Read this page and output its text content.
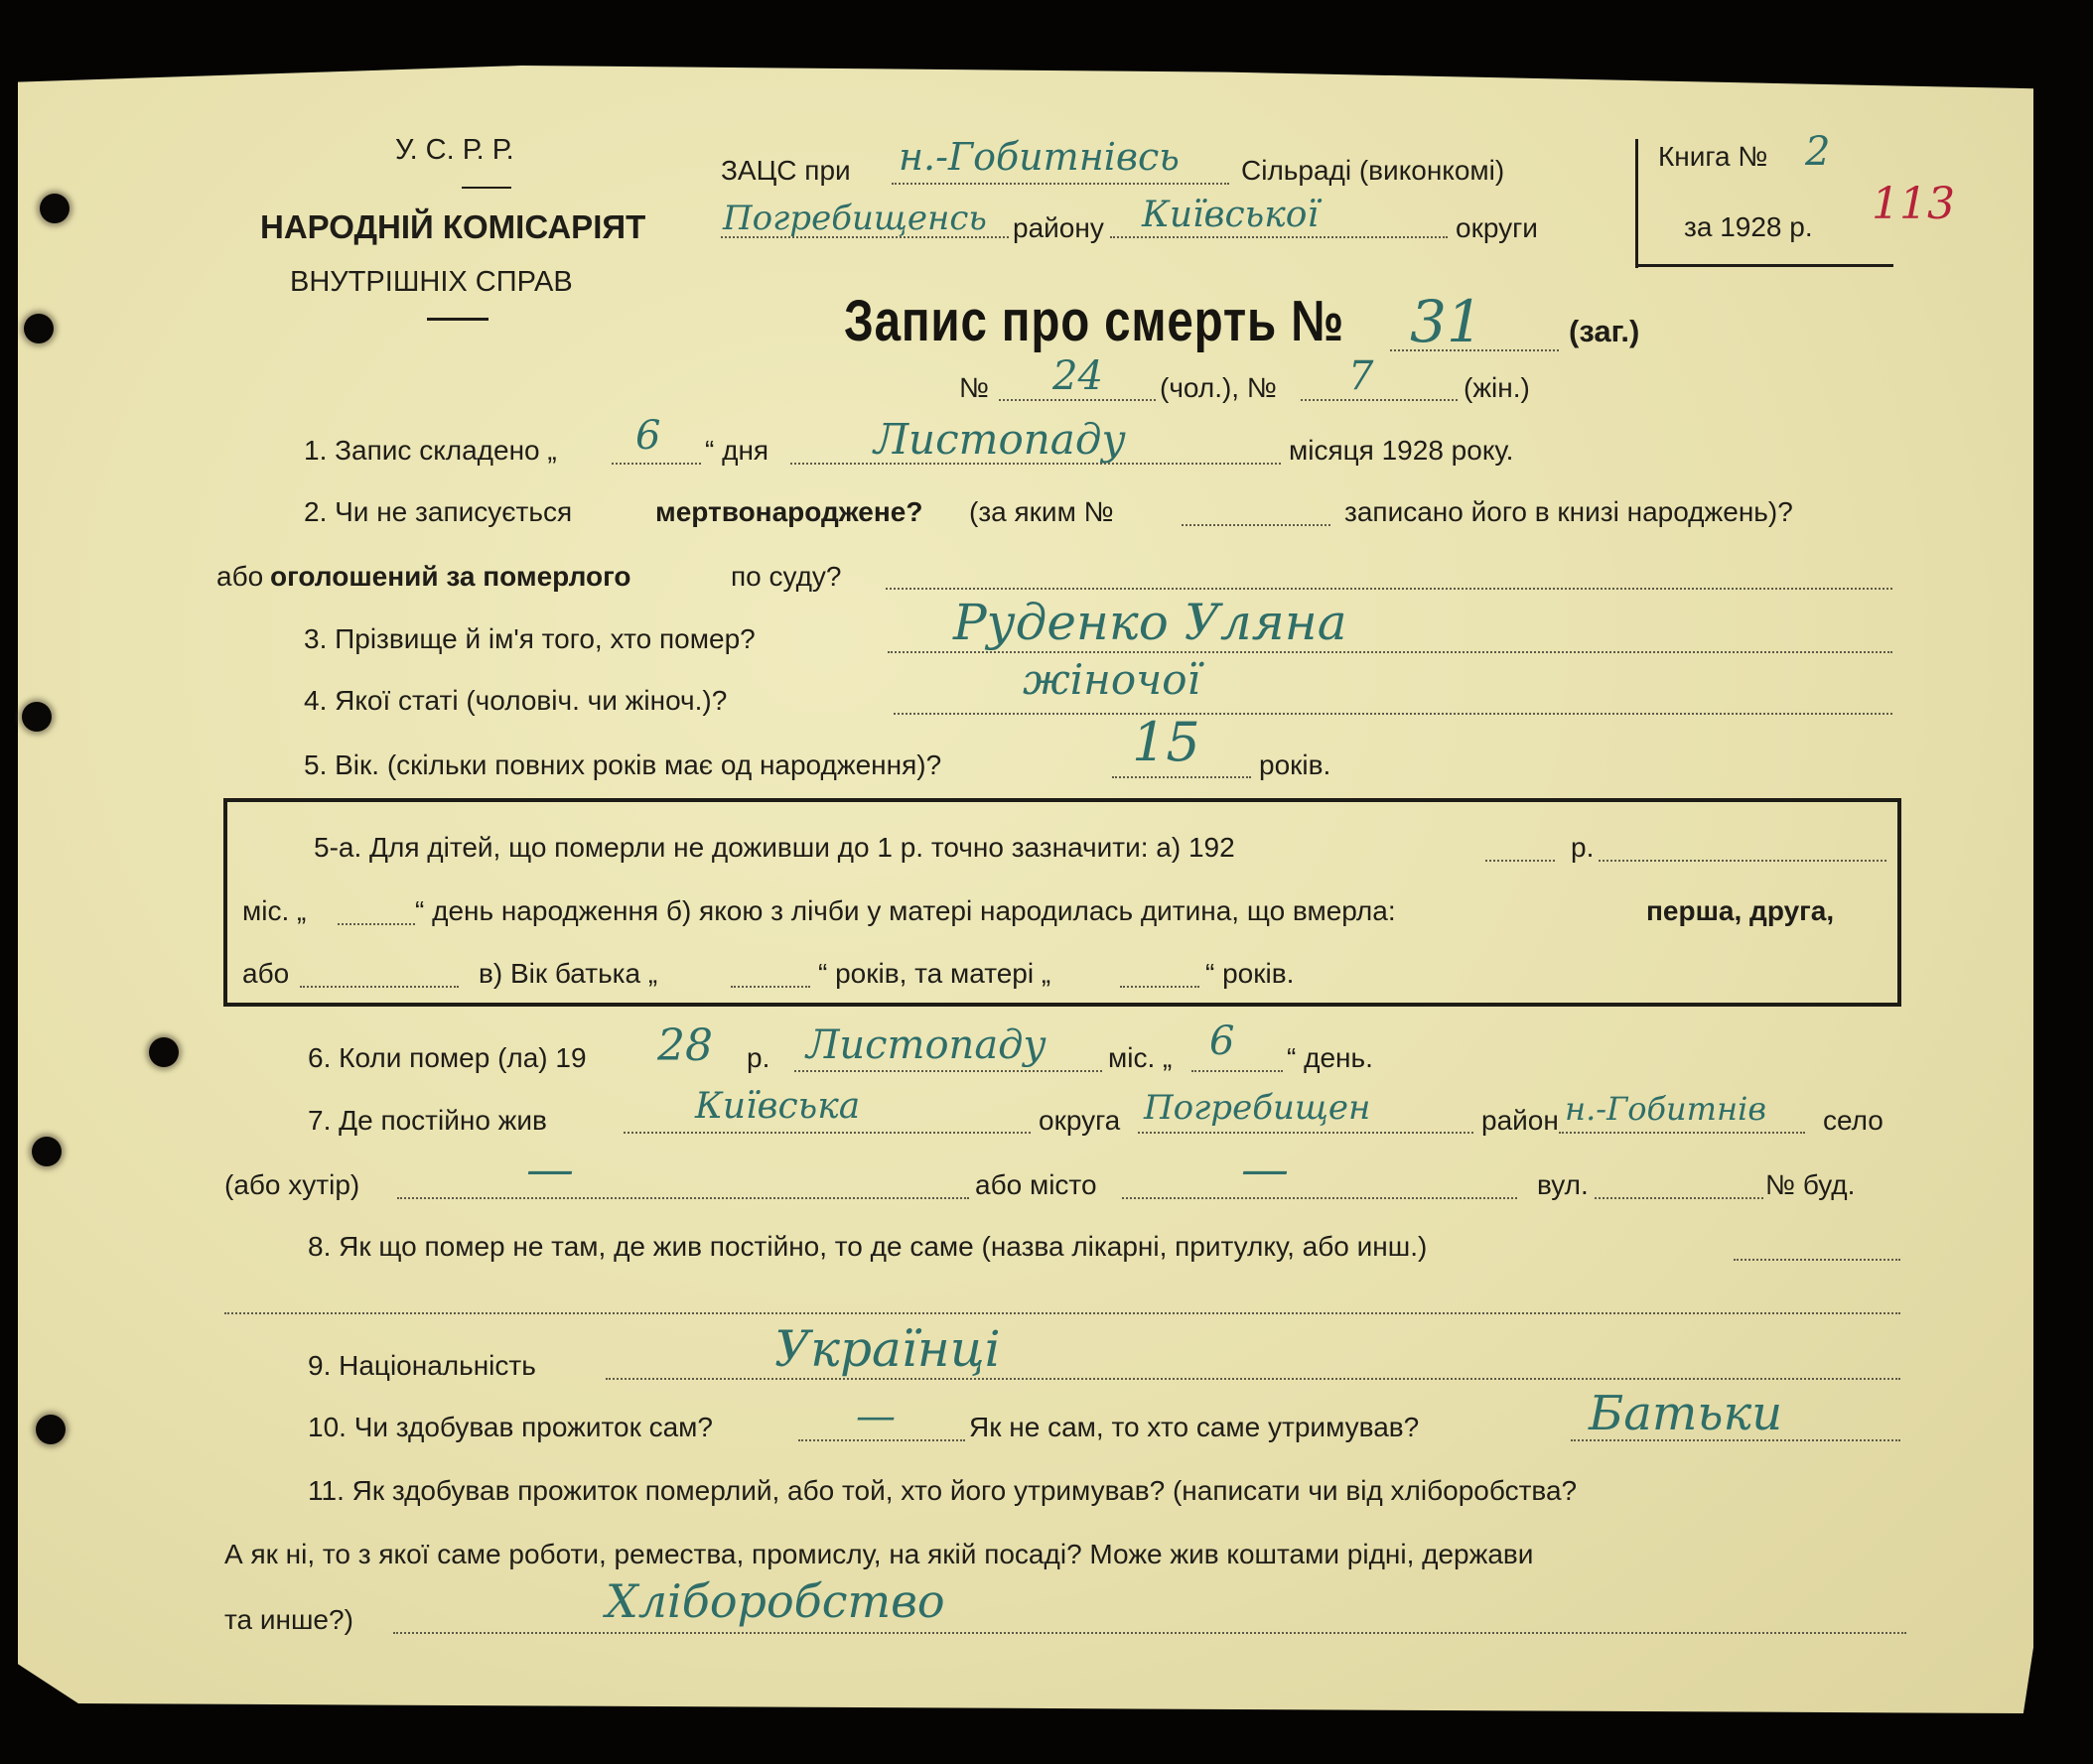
У. С. Р. Р.
НАРОДНІЙ КОМІСАРІЯТ
ВНУТРІШНІХ СПРАВ
ЗАЦС при н.-Гобитнівсь Сільраді (виконкомі)
Погребищенсь району Київської	округи
Книга № 2
за 1928 р. 113
Запис про смерть № 31	(заг.)
№ 24 (чол.), № 7	(жін.)
1. Запис складено „ 6 “ дня	Листопаду	місяця 1928 року.
2. Чи не записується	мертвонароджене? (за яким №	записано його в книзі народжень)?
або оголошений за померлого	по суду?
3. Прізвище й ім'я того, хто помер?	Руденко Уляна
4. Якої статі (чоловіч. чи жіноч.)?	жіночої
5. Вік. (скільки повних років має од народження)?	15 років.
5-а. Для дітей, що померли не доживши до 1 р. точно зазначити: а) 192	р.
міс. „	“ день народження б) якою з лічби у матері народилась дитина, що вмерла:	перша, друга,
або	в) Вік батька „	“ років, та матері „	“ років.
6. Коли помер (ла) 19 28 р. Листопаду міс. „ 6 “ день.
7. Де постійно жив	Київська	округа Погребищен	район н.-Гобитнів село
(або хутір)	—	або місто	—	вул.	№ буд.
8. Як що помер не там, де жив постійно, то де саме (назва лікарні, притулку, або инш.)
9. Національність	Українці
10. Чи здобував прожиток сам?	—	Як не сам, то хто саме утримував?	Батьки
11. Як здобував прожиток померлий, або той, хто його утримував? (написати чи від хліборобства?
А як ні, то з якої саме роботи, ремества, промислу, на якій посаді? Може жив коштами рідні, держави
та инше?)	Хліборобство
